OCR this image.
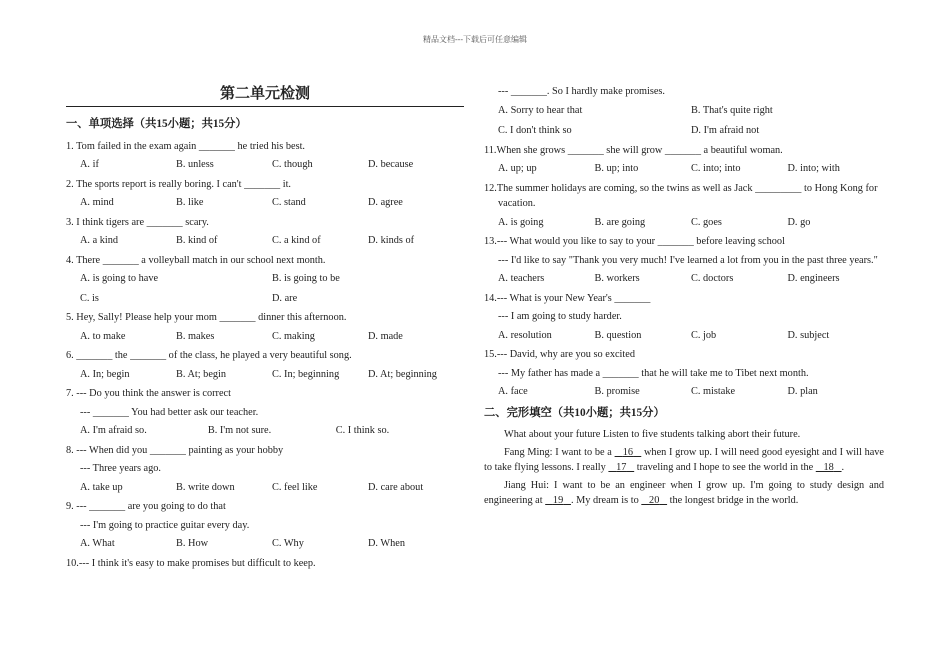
精品文档---下载后可任意编辑
第二单元检测
一、单项选择（共15小题；共15分）
1. Tom failed in the exam again _______ he tried his best.
A. if	B. unless	C. though	D. because
2. The sports report is really boring. I can't _______ it.
A. mind	B. like	C. stand	D. agree
3. I think tigers are _______ scary.
A. a kind	B. kind of	C. a kind of	D. kinds of
4. There _______ a volleyball match in our school next month.
A. is going to have	B. is going to be
C. is	D. are
5. Hey, Sally! Please help your mom _______ dinner this afternoon.
A. to make	B. makes	C. making	D. made
6. _______ the _______ of the class, he played a very beautiful song.
A. In; begin	B. At; begin	C. In; beginning	D. At; beginning
7. --- Do you think the answer is correct
--- _______ You had better ask our teacher.
A. I'm afraid so.	B. I'm not sure.	C. I think so.
8. --- When did you _______ painting as your hobby
--- Three years ago.
A. take up	B. write down	C. feel like	D. care about
9. --- _______ are you going to do that
--- I'm going to practice guitar every day.
A. What	B. How	C. Why	D. When
10.--- I think it's easy to make promises but difficult to keep.
--- _______. So I hardly make promises.
A. Sorry to hear that	B. That's quite right
C. I don't think so	D. I'm afraid not
11.When she grows _______ she will grow _______ a beautiful woman.
A. up; up	B. up; into	C. into; into	D. into; with
12.The summer holidays are coming, so the twins as well as Jack _________ to Hong Kong for vacation.
A. is going	B. are going	C. goes	D. go
13.--- What would you like to say to your _______ before leaving school
--- I'd like to say "Thank you very much! I've learned a lot from you in the past three years."
A. teachers	B. workers	C. doctors	D. engineers
14.--- What is your New Year's _______
--- I am going to study harder.
A. resolution	B. question	C. job	D. subject
15.--- David, why are you so excited
--- My father has made a _______ that he will take me to Tibet next month.
A. face	B. promise	C. mistake	D. plan
二、完形填空（共10小题；共15分）
What about your future Listen to five students talking abort their future.
Fang Ming: I want to be a 16 when I grow up. I will need good eyesight and I will have to take flying lessons. I really 17 traveling and I hope to see the world in the 18 .
Jiang Hui: I want to be an engineer when I grow up. I'm going to study design and engineering at 19 . My dream is to 20 the longest bridge in the world.
